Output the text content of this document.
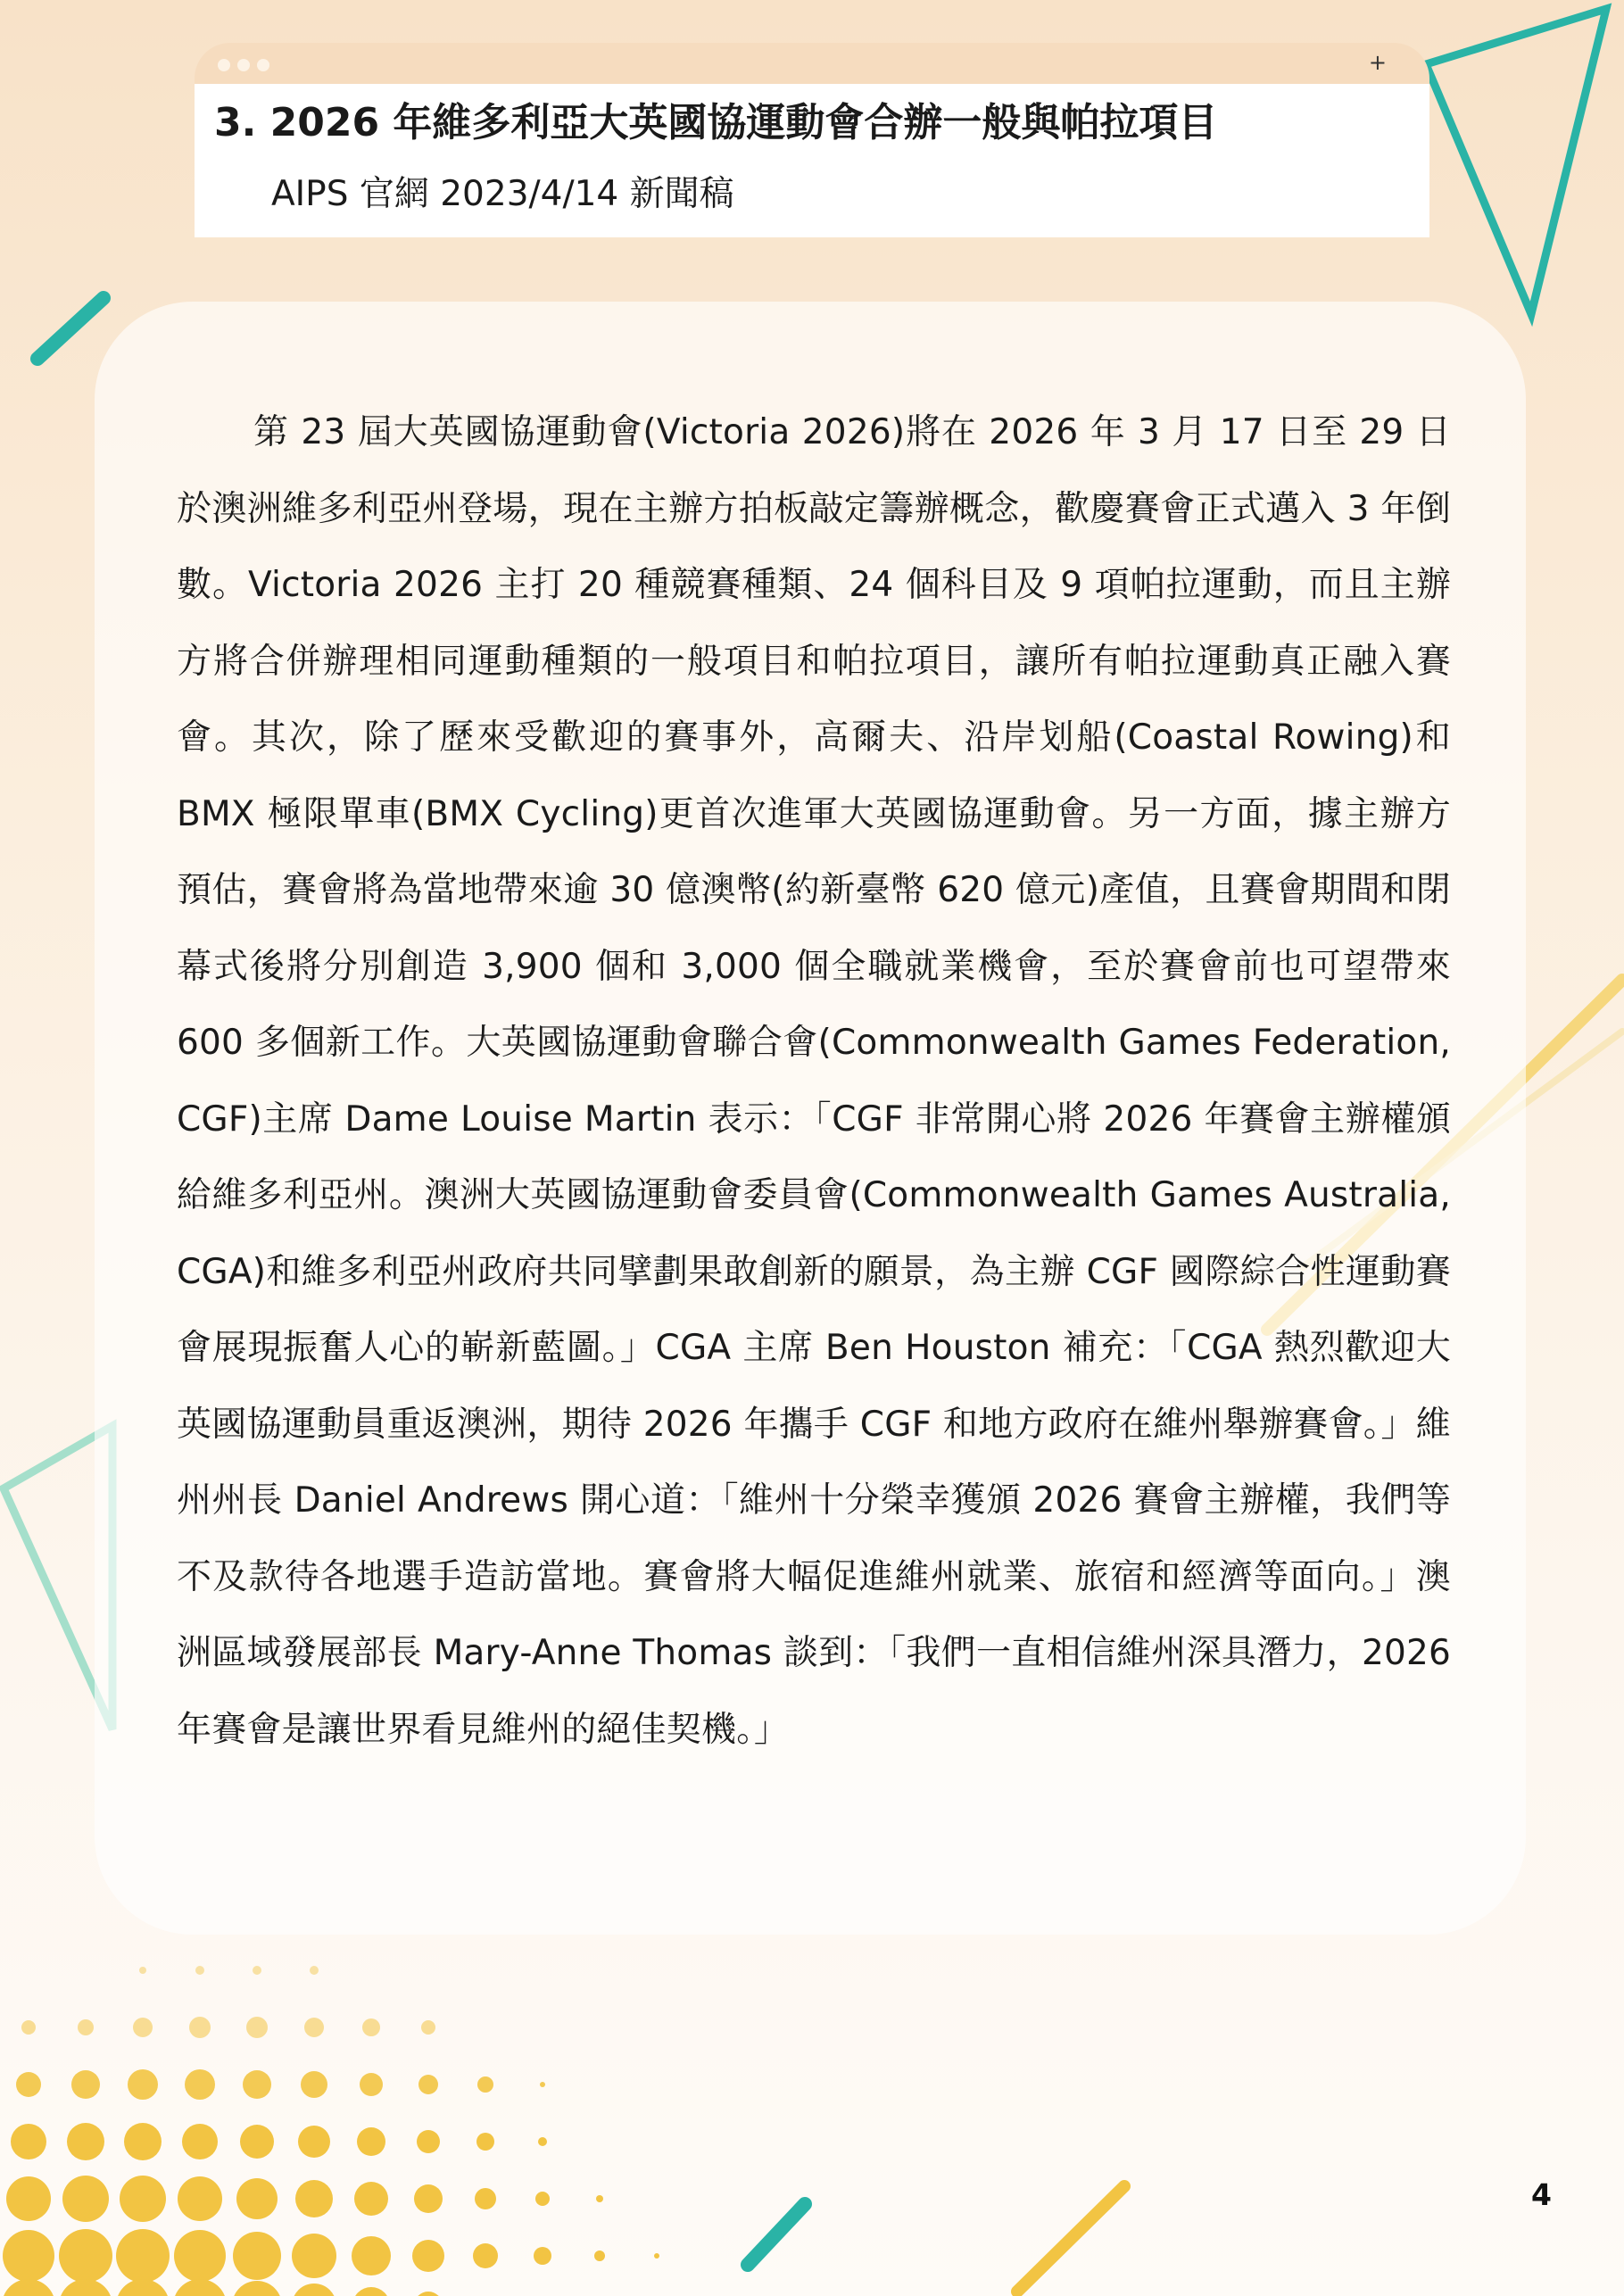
+
3. 2026 年維多利亞大英國協運動會合辦一般與帕拉項目

AIPS 官網 2023/4/14 新聞稿

第 23 屆大英國協運動會(Victoria 2026)將在 2026 年 3 月 17 日至 29 日於澳洲維多利亞州登場，現在主辦方拍板敲定籌辦概念，歡慶賽會正式邁入 3 年倒數。Victoria 2026 主打 20 種競賽種類、24 個科目及 9 項帕拉運動，而且主辦方將合併辦理相同運動種類的一般項目和帕拉項目，讓所有帕拉運動真正融入賽會。其次，除了歷來受歡迎的賽事外，高爾夫、沿岸划船(Coastal Rowing)和 BMX 極限單車(BMX Cycling)更首次進軍大英國協運動會。另一方面，據主辦方預估，賽會將為當地帶來逾 30 億澳幣(約新臺幣 620 億元)產值，且賽會期間和閉幕式後將分別創造 3,900 個和 3,000 個全職就業機會，至於賽會前也可望帶來 600 多個新工作。大英國協運動會聯合會(Commonwealth Games Federation, CGF)主席 Dame Louise Martin 表示：「CGF 非常開心將 2026 年賽會主辦權頒給維多利亞州。澳洲大英國協運動會委員會(Commonwealth Games Australia, CGA)和維多利亞州政府共同擘劃果敢創新的願景，為主辦 CGF 國際綜合性運動賽會展現振奮人心的嶄新藍圖。」CGA 主席 Ben Houston 補充：「CGA 熱烈歡迎大英國協運動員重返澳洲，期待 2026 年攜手 CGF 和地方政府在維州舉辦賽會。」維州州長 Daniel Andrews 開心道：「維州十分榮幸獲頒 2026 賽會主辦權，我們等不及款待各地選手造訪當地。賽會將大幅促進維州就業、旅宿和經濟等面向。」澳洲區域發展部長 Mary-Anne Thomas 談到：「我們一直相信維州深具潛力，2026 年賽會是讓世界看見維州的絕佳契機。」

4
